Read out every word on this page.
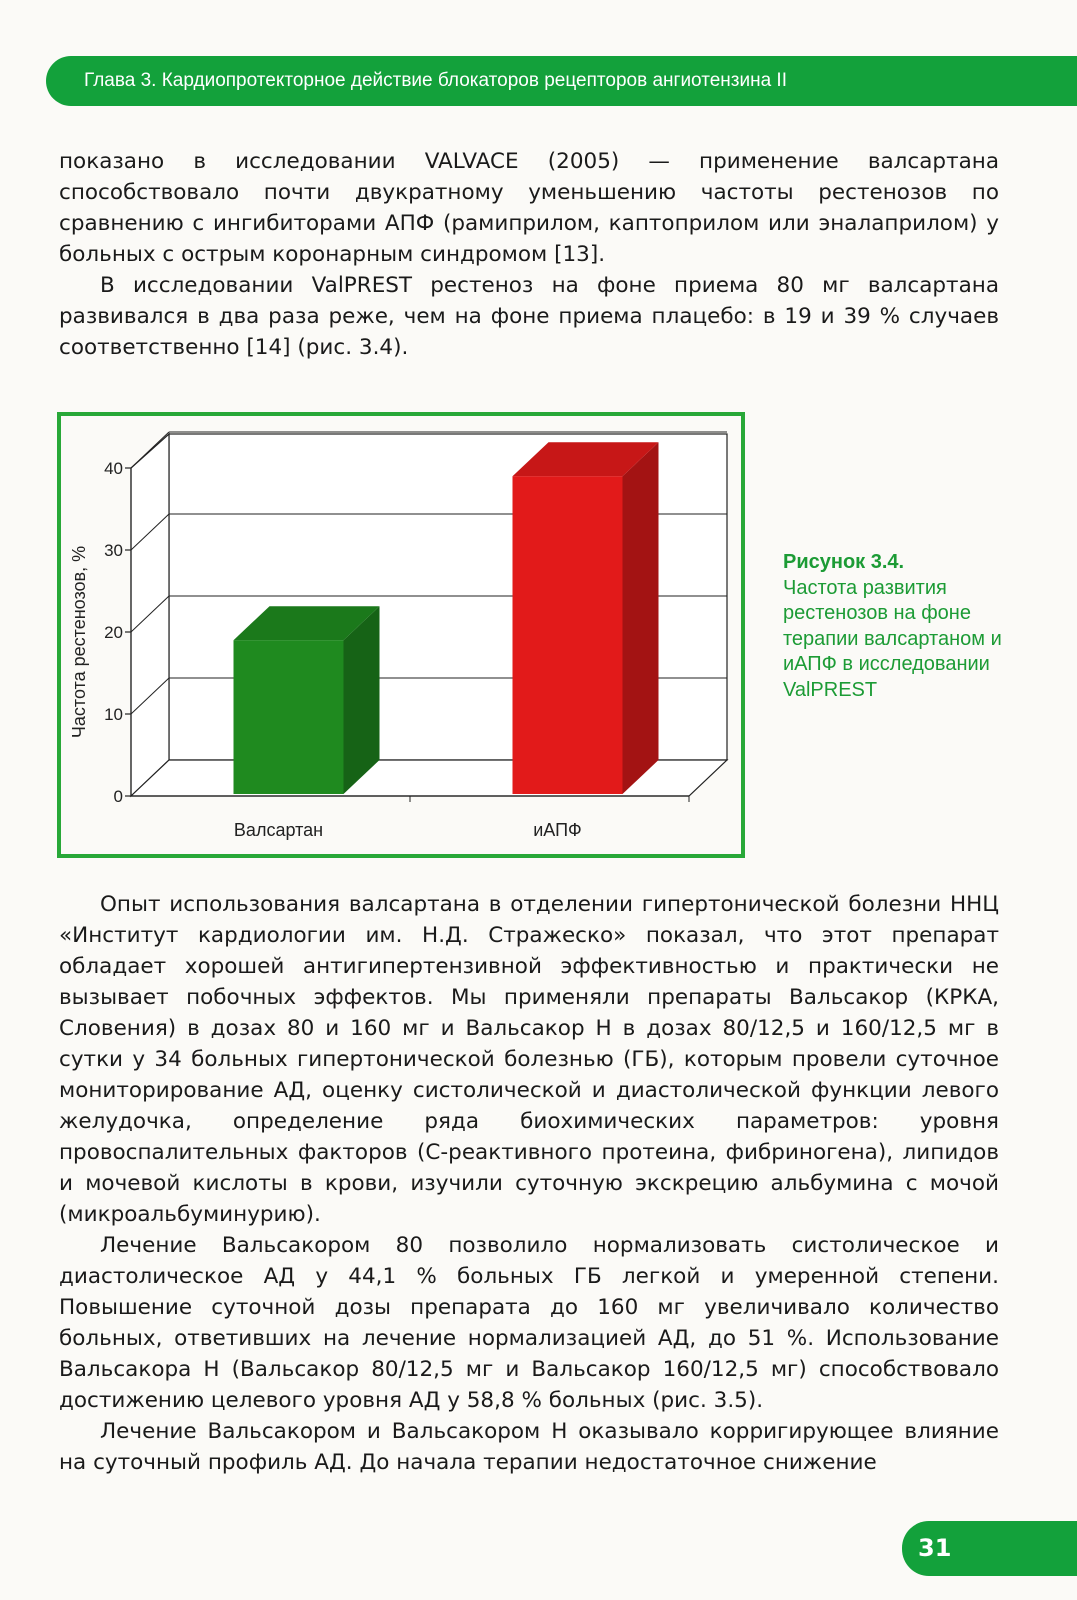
Глава 3. Кардиопротекторное действие блокаторов рецепторов ангиотензина II

показано в исследовании VALVACE (2005) — применение валсартана способствовало почти двукратному уменьшению частоты рестенозов по сравнению с ингибиторами АПФ (рамиприлом, каптоприлом или эналаприлом) у больных с острым коронарным синдромом [13].

В исследовании ValPREST рестеноз на фоне приема 80 мг валсартана развивался в два раза реже, чем на фоне приема плацебо: в 19 и 39 % случаев соответственно [14] (рис. 3.4).

0
10
20
30
40
Частота рестенозов, %
Валсартан	иАПФ
Рисунок 3.4.
Частота развития рестенозов на фоне терапии валсартаном и иАПФ в исследовании ValPREST

Опыт использования валсартана в отделении гипертонической болезни ННЦ «Институт кардиологии им. Н.Д. Стражеско» показал, что этот препарат обладает хорошей антигипертензивной эффективностью и практически не вызывает побочных эффектов. Мы применяли препараты Вальсакор (КРКА, Словения) в дозах 80 и 160 мг и Вальсакор Н в дозах 80/12,5 и 160/12,5 мг в сутки у 34 больных гипертонической болезнью (ГБ), которым провели суточное мониторирование АД, оценку систолической и диастолической функции левого желудочка, определение ряда биохимических параметров: уровня провоспалительных факторов (С-реактивного протеина, фибриногена), липидов и мочевой кислоты в крови, изучили суточную экскрецию альбумина с мочой (микроальбуминурию).

Лечение Вальсакором 80 позволило нормализовать систолическое и диастолическое АД у 44,1 % больных ГБ легкой и умеренной степени. Повышение суточной дозы препарата до 160 мг увеличивало количество больных, ответивших на лечение нормализацией АД, до 51 %. Использование Вальсакора Н (Вальсакор 80/12,5 мг и Вальсакор 160/12,5 мг) способствовало достижению целевого уровня АД у 58,8 % больных (рис. 3.5).

Лечение Вальсакором и Вальсакором Н оказывало корригирующее влияние на суточный профиль АД. До начала терапии недостаточное снижение

31
